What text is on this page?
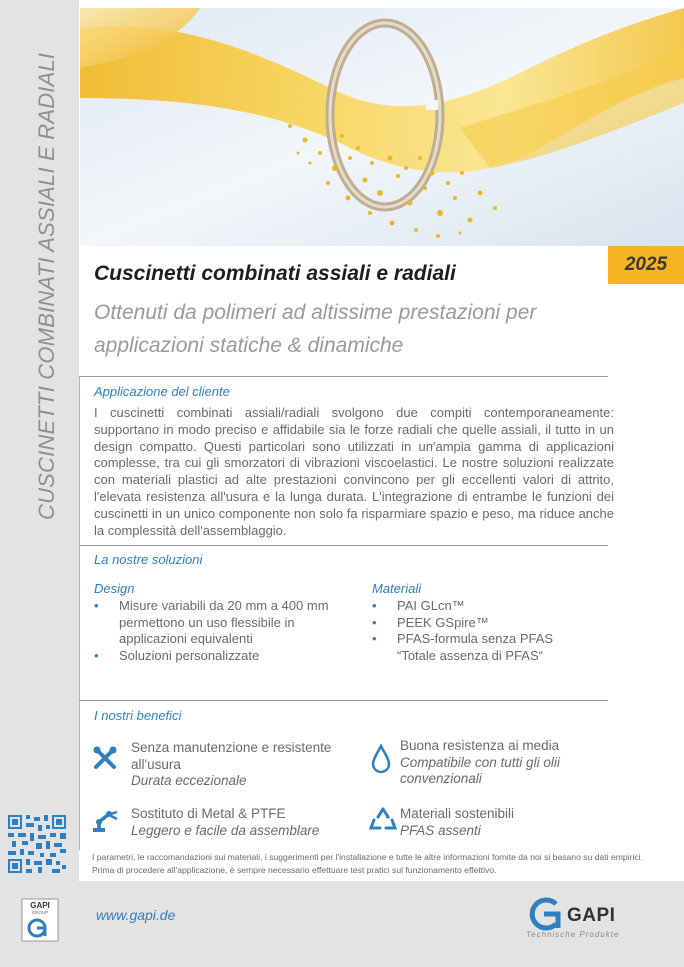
CUSCINETTI COMBINATI ASSIALI E RADIALI	2025
Cuscinetti combinati assiali e radiali
Ottenuti da polimeri ad altissime prestazioni per applicazioni statiche & dinamiche
Applicazione del cliente
I cuscinetti combinati assiali/radiali svolgono due compiti contemporaneamente: supportano in modo preciso e affidabile sia le forze radiali che quelle assiali, il tutto in un design compatto. Questi particolari sono utilizzati in un'ampia gamma di applicazioni complesse, tra cui gli smorzatori di vibrazioni viscoelastici. Le nostre soluzioni realizzate con materiali plastici ad alte prestazioni convincono per gli eccellenti valori di attrito, l'elevata resistenza all'usura e la lunga durata. L'integrazione di entrambe le funzioni dei cuscinetti in un unico componente non solo fa risparmiare spazio e peso, ma riduce anche la complessità dell'assemblaggio.
La nostre soluzioni
Design
• Misure variabili da 20 mm a 400 mm permettono un uso flessibile in applicazioni equivalenti
• Soluzioni personalizzate
Materiali
• PAI GLcn™
• PEEK GSpire™
• PFAS-formula senza PFAS “Totale assenza di PFAS“
I nostri benefici
Senza manutenzione e resistente all'usura
Durata eccezionale
Buona resistenza ai media
Compatibile con tutti gli olii convenzionali
Sostituto di Metal & PTFE
Leggero e facile da assemblare
Materiali sostenibili
PFAS assenti
I parametri, le raccomandazioni sui materiali, i suggerimenti per l'installazione e tutte le altre informazioni fornite da noi si basano su dati empirici. Prima di procedere all'applicazione, è sempre necessario effettuare test pratici sul funzionamento effettivo.
GAPI
GROUP	www.gapi.de	GAPI
Technische Produkte
